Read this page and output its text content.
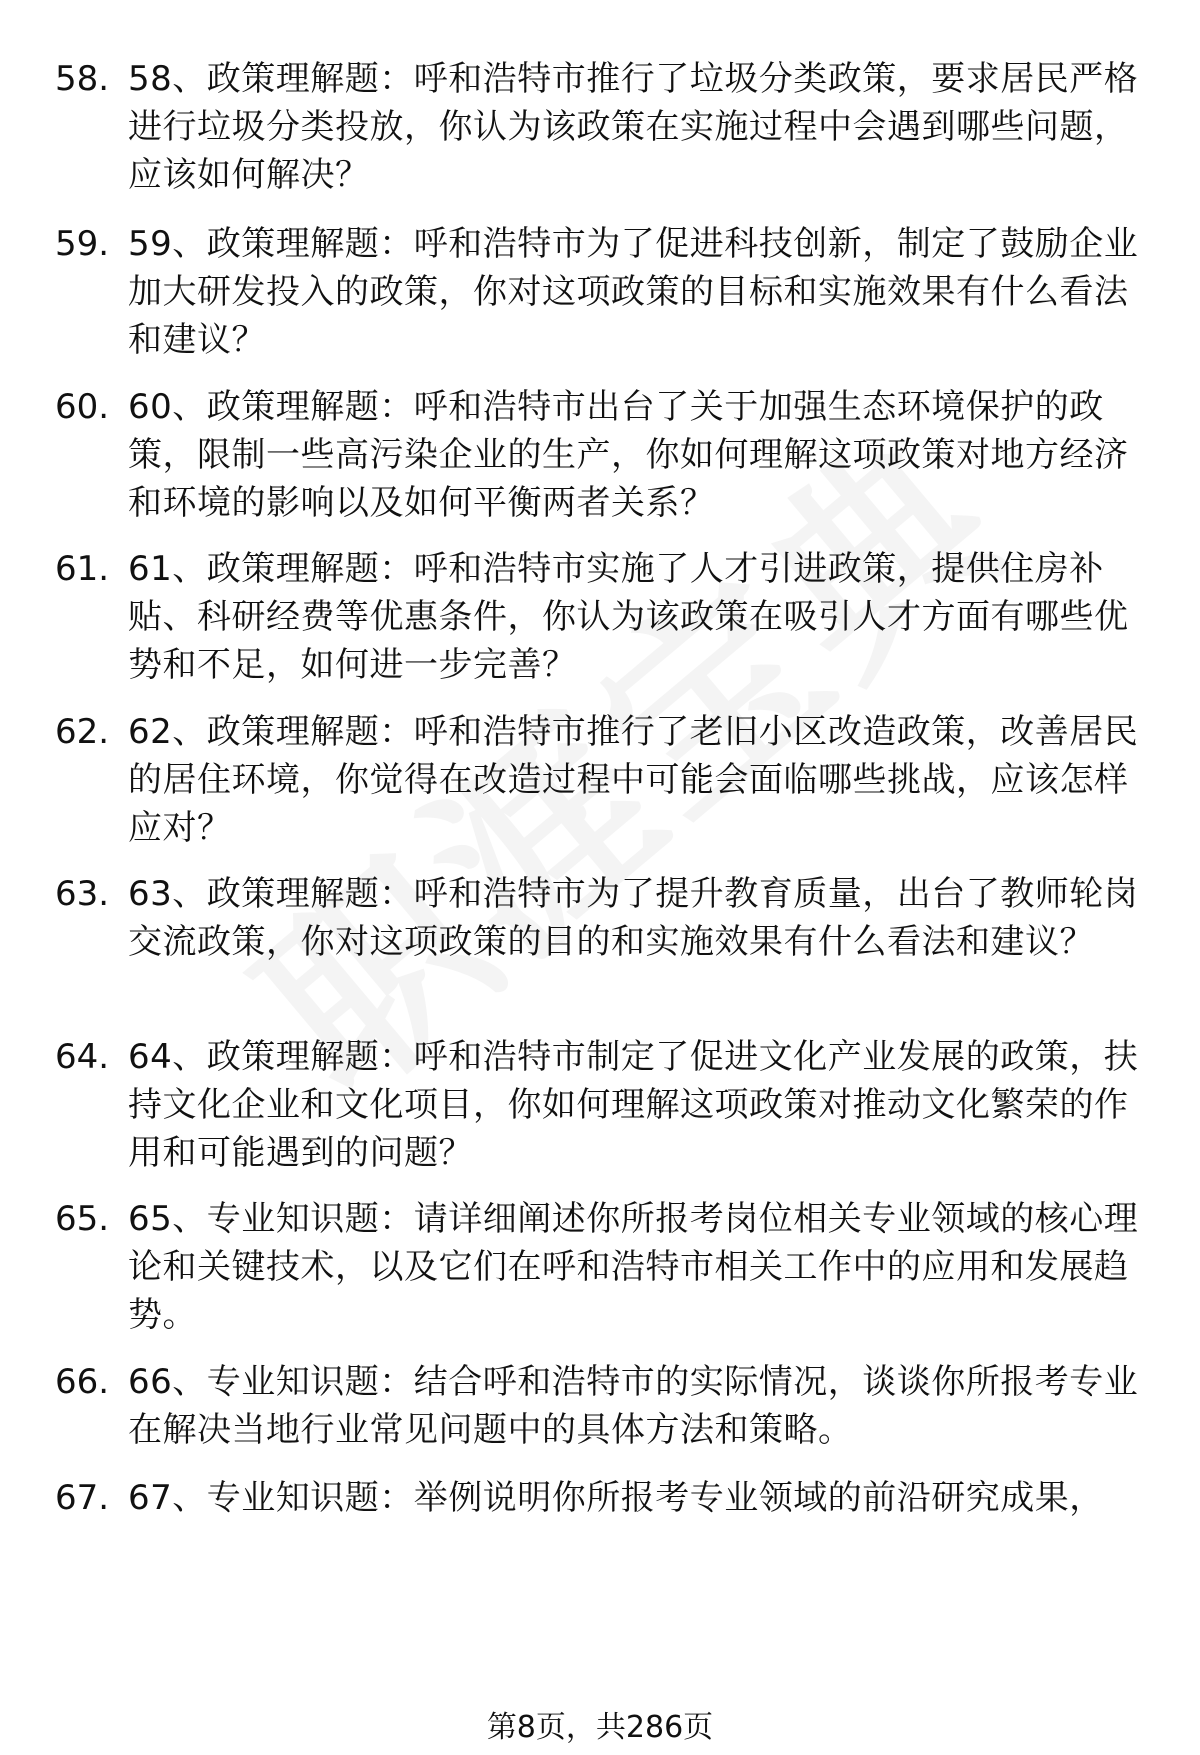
58. 58、政策理解题：呼和浩特市推行了垃圾分类政策，要求居民严格进行垃圾分类投放，你认为该政策在实施过程中会遇到哪些问题，应该如何解决？
59. 59、政策理解题：呼和浩特市为了促进科技创新，制定了鼓励企业加大研发投入的政策，你对这项政策的目标和实施效果有什么看法和建议？
60. 60、政策理解题：呼和浩特市出台了关于加强生态环境保护的政策，限制一些高污染企业的生产，你如何理解这项政策对地方经济和环境的影响以及如何平衡两者关系？
61. 61、政策理解题：呼和浩特市实施了人才引进政策，提供住房补贴、科研经费等优惠条件，你认为该政策在吸引人才方面有哪些优势和不足，如何进一步完善？
62. 62、政策理解题：呼和浩特市推行了老旧小区改造政策，改善居民的居住环境，你觉得在改造过程中可能会面临哪些挑战，应该怎样应对？
63. 63、政策理解题：呼和浩特市为了提升教育质量，出台了教师轮岗交流政策，你对这项政策的目的和实施效果有什么看法和建议？
64. 64、政策理解题：呼和浩特市制定了促进文化产业发展的政策，扶持文化企业和文化项目，你如何理解这项政策对推动文化繁荣的作用和可能遇到的问题？
65. 65、专业知识题：请详细阐述你所报考岗位相关专业领域的核心理论和关键技术，以及它们在呼和浩特市相关工作中的应用和发展趋势。
66. 66、专业知识题：结合呼和浩特市的实际情况，谈谈你所报考专业在解决当地行业常见问题中的具体方法和策略。
67. 67、专业知识题：举例说明你所报考专业领域的前沿研究成果，
第8页，共286页
